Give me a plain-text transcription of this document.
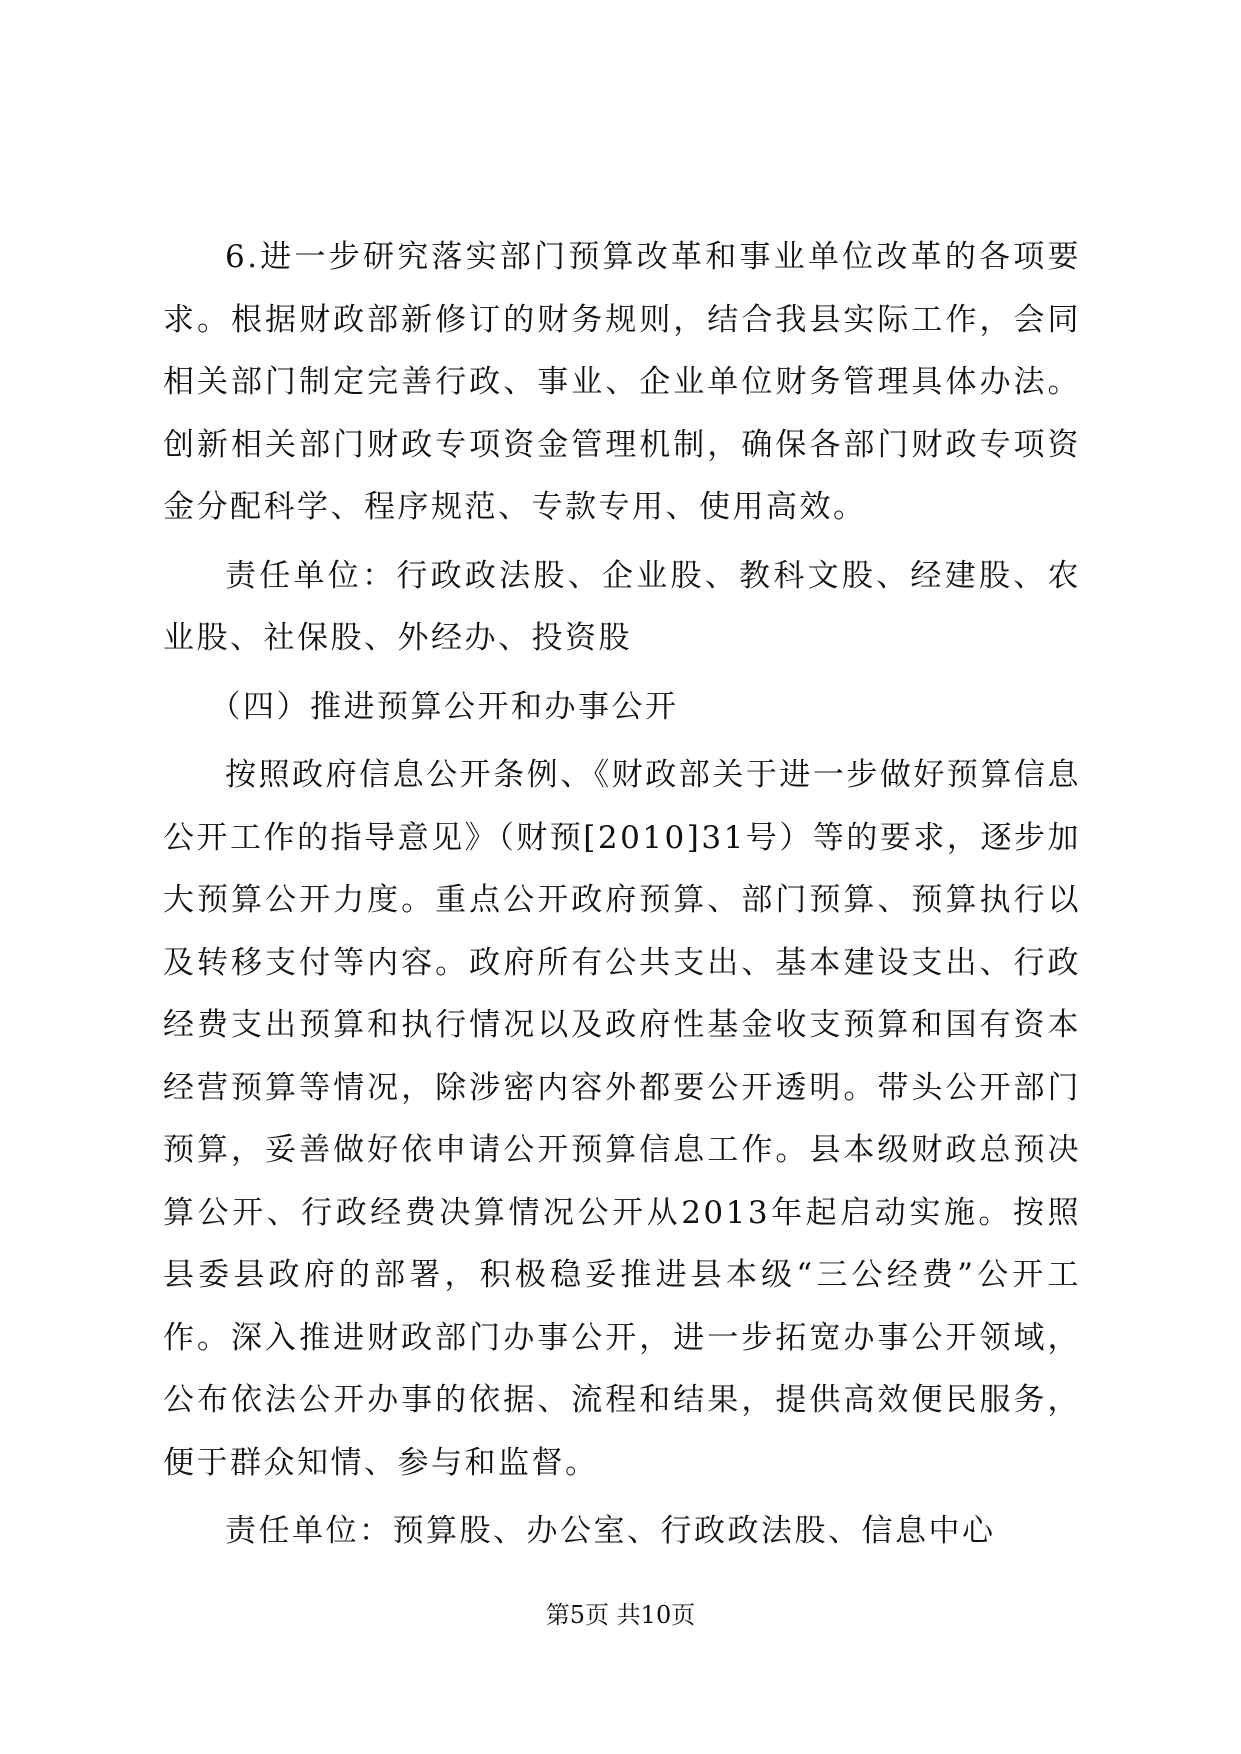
6.进一步研究落实部门预算改革和事业单位改革的各项要求。根据财政部新修订的财务规则，结合我县实际工作，会同相关部门制定完善行政、事业、企业单位财务管理具体办法。创新相关部门财政专项资金管理机制，确保各部门财政专项资金分配科学、程序规范、专款专用、使用高效。

责任单位：行政政法股、企业股、教科文股、经建股、农业股、社保股、外经办、投资股

（四）推进预算公开和办事公开

按照政府信息公开条例、《财政部关于进一步做好预算信息公开工作的指导意见》（财预[2010]31号）等的要求，逐步加大预算公开力度。重点公开政府预算、部门预算、预算执行以及转移支付等内容。政府所有公共支出、基本建设支出、行政经费支出预算和执行情况以及政府性基金收支预算和国有资本经营预算等情况，除涉密内容外都要公开透明。带头公开部门预算，妥善做好依申请公开预算信息工作。县本级财政总预决算公开、行政经费决算情况公开从2013年起启动实施。按照县委县政府的部署，积极稳妥推进县本级“三公经费”公开工作。深入推进财政部门办事公开，进一步拓宽办事公开领域，公布依法公开办事的依据、流程和结果，提供高效便民服务，便于群众知情、参与和监督。

责任单位：预算股、办公室、行政政法股、信息中心

第5页 共10页
